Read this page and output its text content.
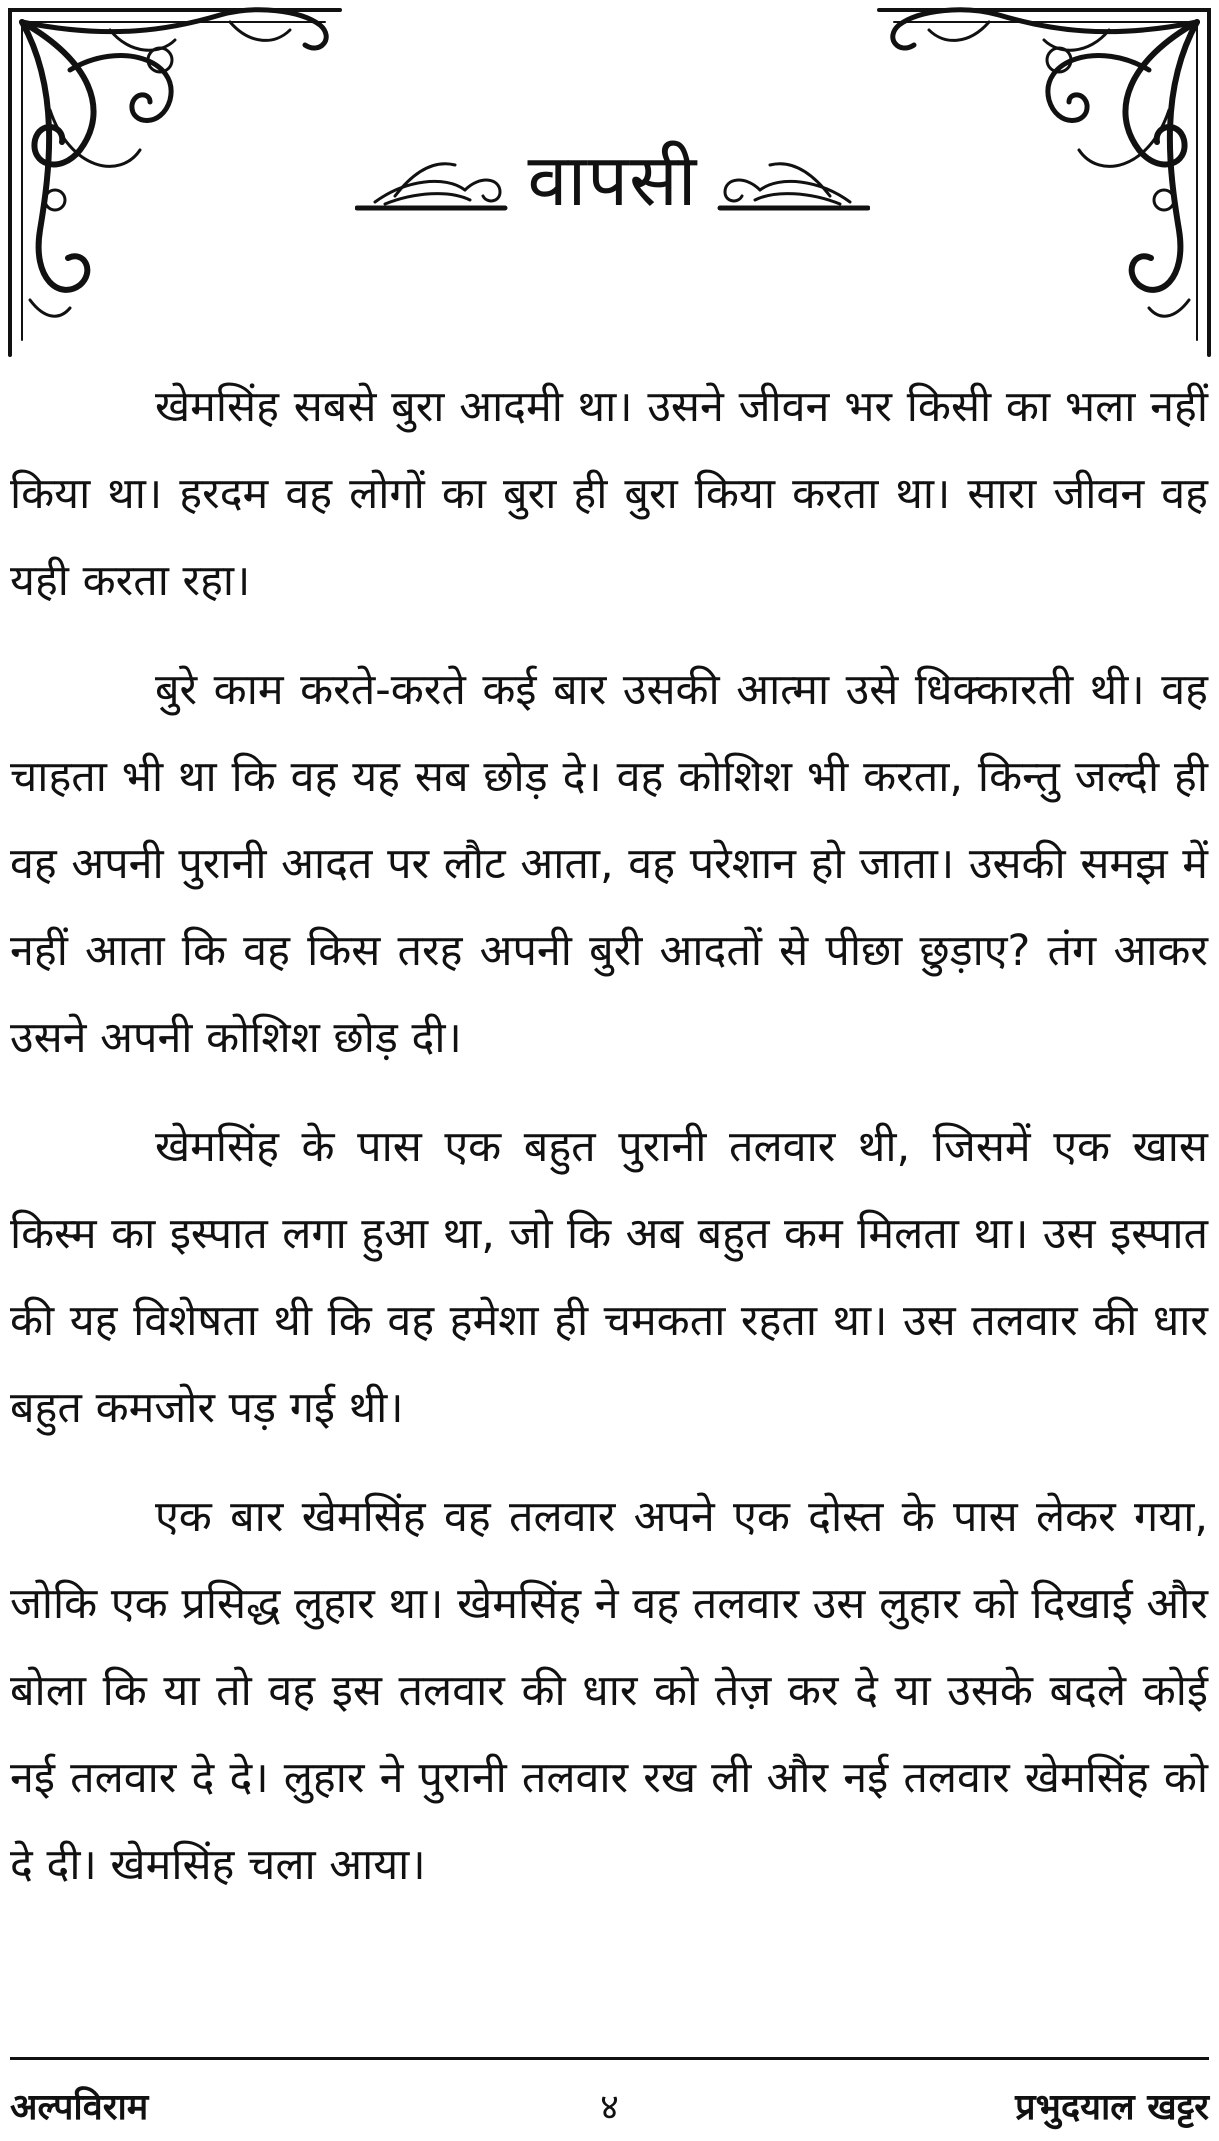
वापसी

खेमसिंह सबसे बुरा आदमी था। उसने जीवन भर किसी का भला नहीं किया था। हरदम वह लोगों का बुरा ही बुरा किया करता था। सारा जीवन वह यही करता रहा।

बुरे काम करते-करते कई बार उसकी आत्मा उसे धिक्कारती थी। वह चाहता भी था कि वह यह सब छोड़ दे। वह कोशिश भी करता, किन्तु जल्दी ही वह अपनी पुरानी आदत पर लौट आता, वह परेशान हो जाता। उसकी समझ में नहीं आता कि वह किस तरह अपनी बुरी आदतों से पीछा छुड़ाए? तंग आकर उसने अपनी कोशिश छोड़ दी।

खेमसिंह के पास एक बहुत पुरानी तलवार थी, जिसमें एक खास किस्म का इस्पात लगा हुआ था, जो कि अब बहुत कम मिलता था। उस इस्पात की यह विशेषता थी कि वह हमेशा ही चमकता रहता था। उस तलवार की धार बहुत कमजोर पड़ गई थी।

एक बार खेमसिंह वह तलवार अपने एक दोस्त के पास लेकर गया, जोकि एक प्रसिद्ध लुहार था। खेमसिंह ने वह तलवार उस लुहार को दिखाई और बोला कि या तो वह इस तलवार की धार को तेज़ कर दे या उसके बदले कोई नई तलवार दे दे। लुहार ने पुरानी तलवार रख ली और नई तलवार खेमसिंह को दे दी। खेमसिंह चला आया।

अल्पविराम	४	प्रभुदयाल खट्टर
